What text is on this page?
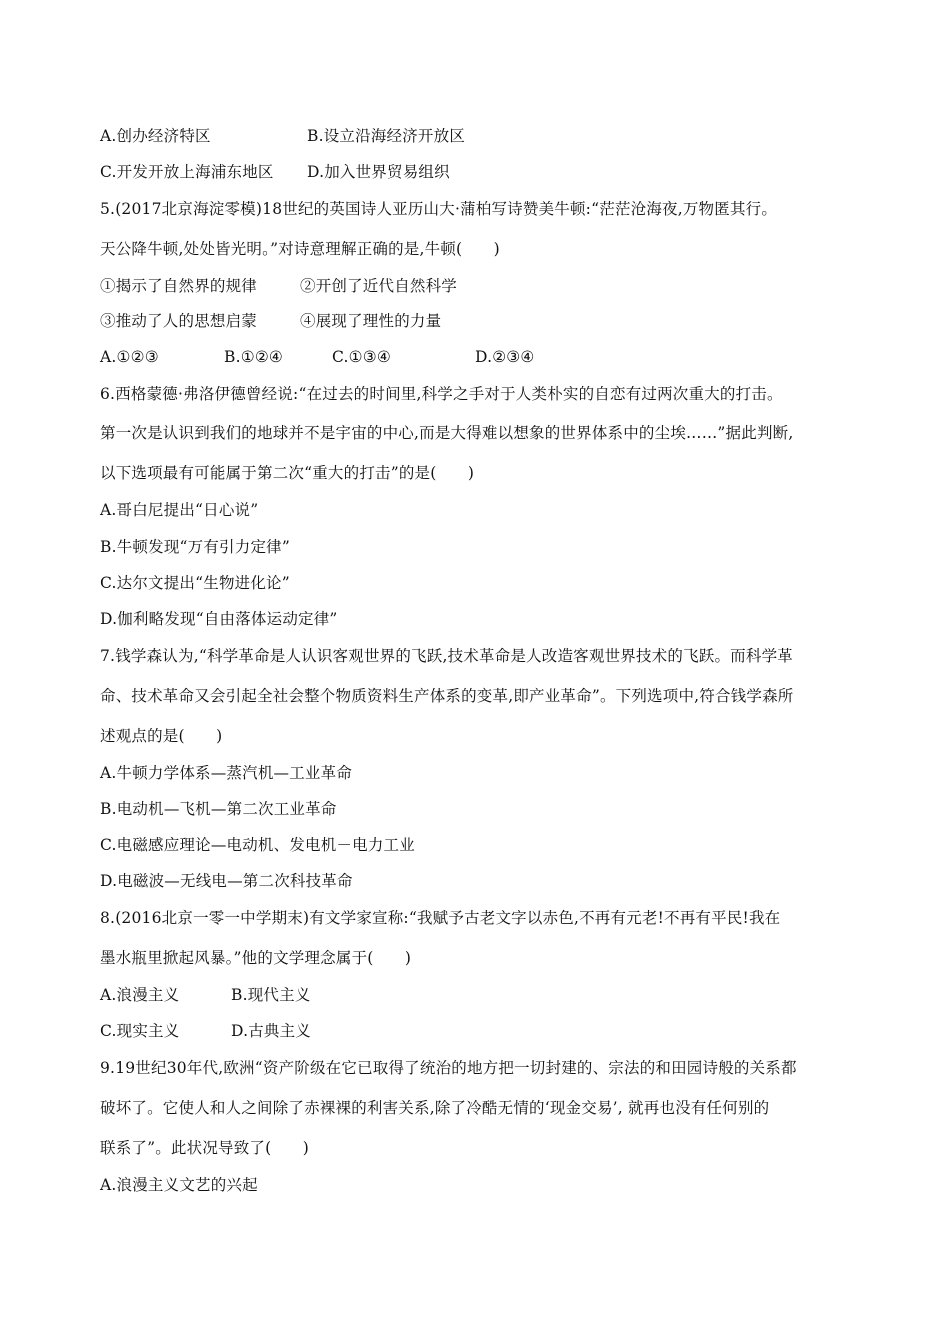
A.创办经济特区	B.设立沿海经济开放区
C.开发开放上海浦东地区 D.加入世界贸易组织
5.(2017北京海淀零模)18世纪的英国诗人亚历山大·蒲柏写诗赞美牛顿:“茫茫沧海夜,万物匿其行。
天公降牛顿,处处皆光明。”对诗意理解正确的是,牛顿(　　)
①揭示了自然界的规律	②开创了近代自然科学
③推动了人的思想启蒙	④展现了理性的力量
A.①②③	B.①②④	C.①③④	D.②③④
6.西格蒙德·弗洛伊德曾经说:“在过去的时间里,科学之手对于人类朴实的自恋有过两次重大的打击。
第一次是认识到我们的地球并不是宇宙的中心,而是大得难以想象的世界体系中的尘埃……”据此判断,
以下选项最有可能属于第二次“重大的打击”的是(　　)
A.哥白尼提出“日心说”
B.牛顿发现“万有引力定律”
C.达尔文提出“生物进化论”
D.伽利略发现“自由落体运动定律”
7.钱学森认为,“科学革命是人认识客观世界的飞跃,技术革命是人改造客观世界技术的飞跃。而科学革
命、技术革命又会引起全社会整个物质资料生产体系的变革,即产业革命”。下列选项中,符合钱学森所
述观点的是(　　)
A.牛顿力学体系—蒸汽机—工业革命
B.电动机—飞机—第二次工业革命
C.电磁感应理论—电动机、发电机－电力工业
D.电磁波—无线电—第二次科技革命
8.(2016北京一零一中学期末)有文学家宣称:“我赋予古老文字以赤色,不再有元老!不再有平民!我在
墨水瓶里掀起风暴。”他的文学理念属于(　　)
A.浪漫主义	B.现代主义
C.现实主义	D.古典主义
9.19世纪30年代,欧洲“资产阶级在它已取得了统治的地方把一切封建的、宗法的和田园诗般的关系都
破坏了。它使人和人之间除了赤裸裸的利害关系,除了冷酷无情的‘现金交易’, 就再也没有任何别的
联系了”。此状况导致了(　　)
A.浪漫主义文艺的兴起
